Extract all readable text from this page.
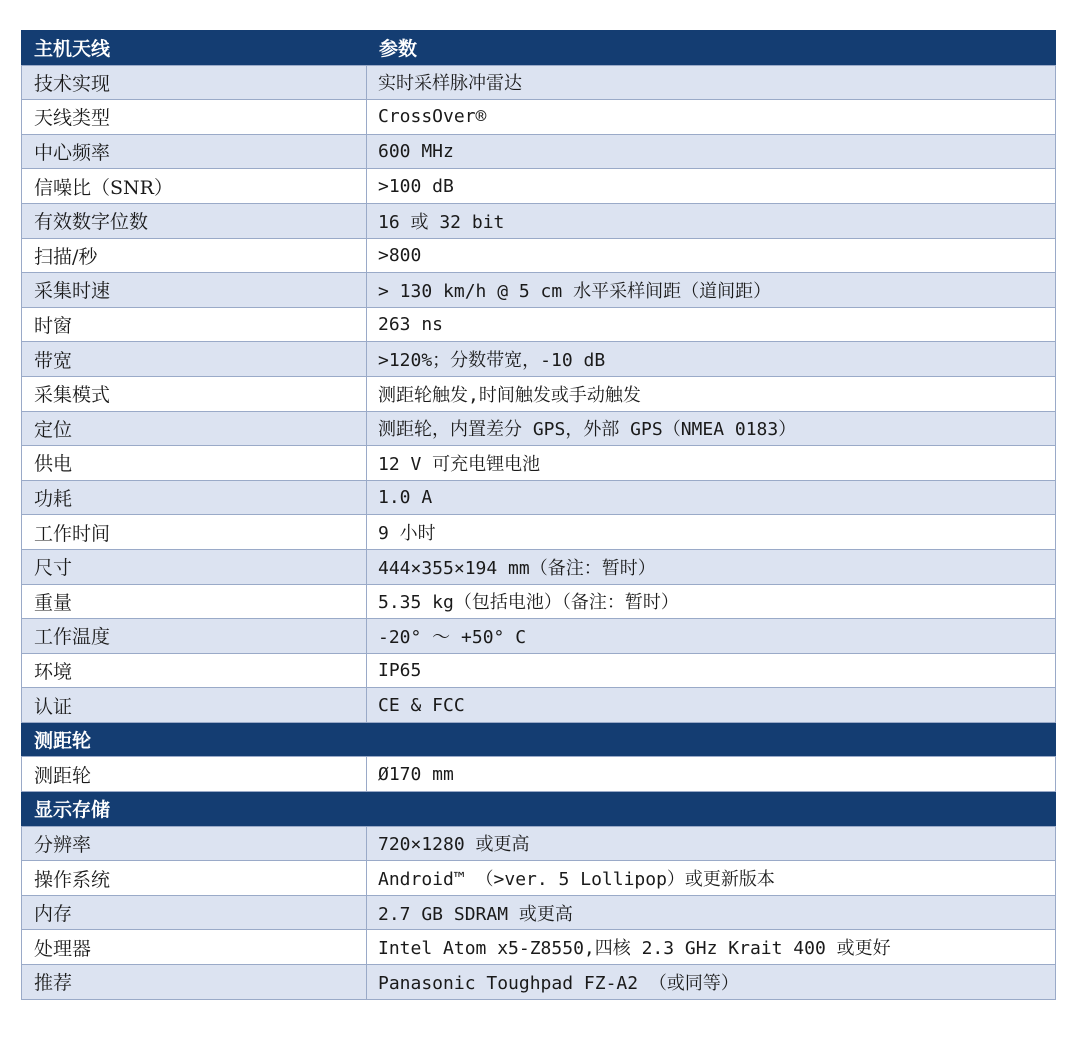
主机天线	参数
技术实现	实时采样脉冲雷达
天线类型	CrossOver®
中心频率	600 MHz
信噪比（SNR）	>100 dB
有效数字位数	16 或 32 bit
扫描/秒	>800
采集时速	> 130 km/h @ 5 cm 水平采样间距（道间距）
时窗	263 ns
带宽	>120%；分数带宽，-10 dB
采集模式	测距轮触发,时间触发或手动触发
定位	测距轮，内置差分 GPS，外部 GPS（NMEA 0183）
供电	12 V 可充电锂电池
功耗	1.0 A
工作时间	9 小时
尺寸	444×355×194 mm（备注：暂时）
重量	5.35 kg（包括电池）（备注：暂时）
工作温度	-20° ～ +50° C
环境	IP65
认证	CE & FCC
测距轮	
测距轮	Ø170 mm
显示存储	
分辨率	720×1280 或更高
操作系统	Android™ （>ver. 5 Lollipop）或更新版本
内存	2.7 GB SDRAM 或更高
处理器	Intel Atom x5-Z8550,四核 2.3 GHz Krait 400 或更好
推荐	Panasonic Toughpad FZ-A2 （或同等）
